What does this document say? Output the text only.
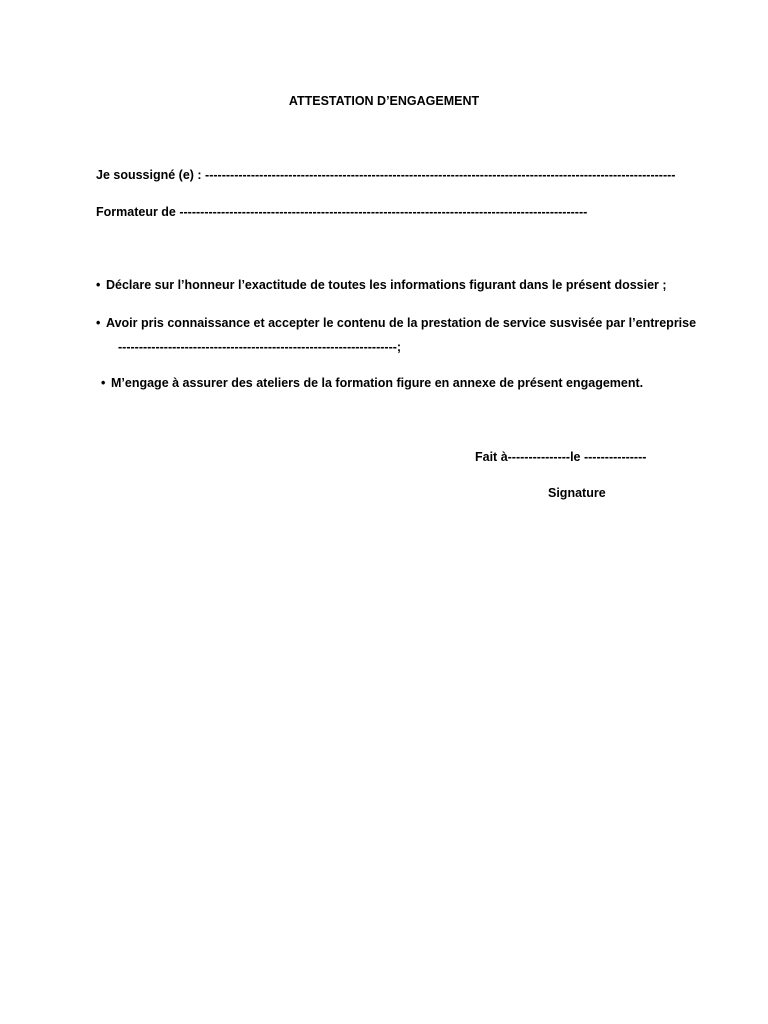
ATTESTATION D’ENGAGEMENT
Je soussigné (e) : -----------------------------------------------------------------------------------------------------------------
Formateur de --------------------------------------------------------------------------------------------------
• Déclare sur l’honneur l’exactitude de toutes les informations figurant dans le présent dossier ;
• Avoir pris connaissance et accepter le contenu de la prestation de service susvisée par l’entreprise
-------------------------------------------------------------------;
• M’engage à assurer des ateliers de la formation figure en annexe de présent engagement.
Fait à---------------le ---------------
Signature
